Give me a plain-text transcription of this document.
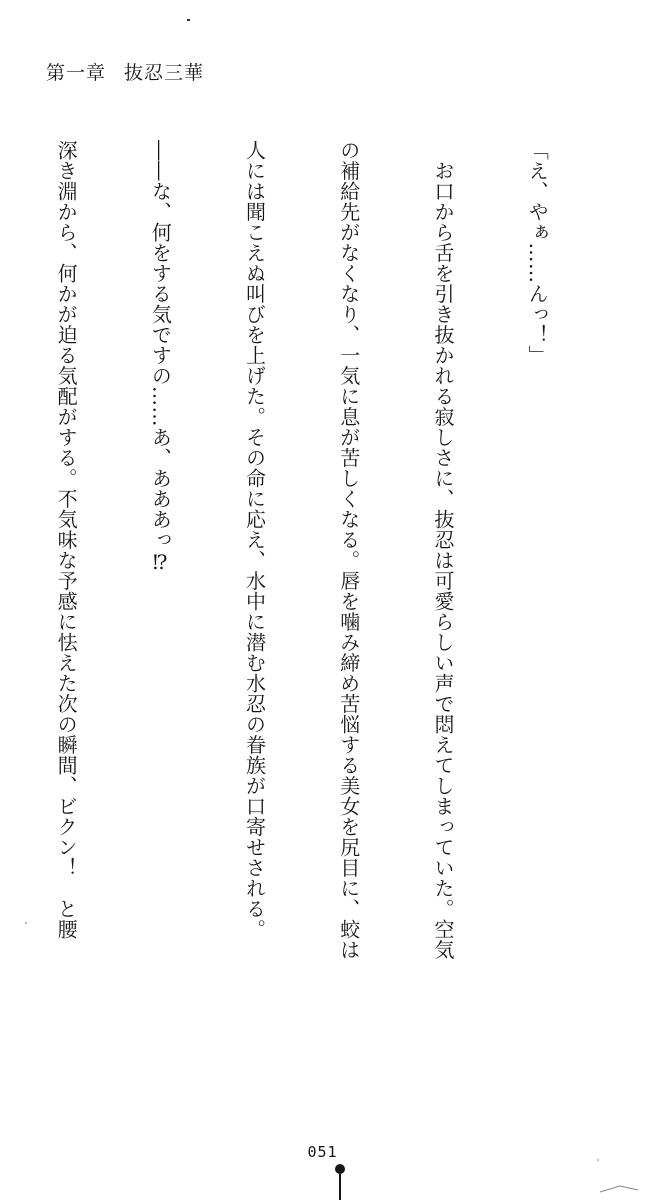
第一章 抜忍三華

「え、やぁ……んっ！」

　お口から舌を引き抜かれる寂しさに、抜忍は可愛らしい声で悶えてしまっていた。空気

の補給先がなくなり、一気に息が苦しくなる。唇を噛み締め苦悩する美女を尻目に、蛟は

人には聞こえぬ叫びを上げた。その命に応え、水中に潜む水忍の眷族が口寄せされる。

――な、何をする気ですの……あ、あああっ⁉

深き淵から、何かが迫る気配がする。不気味な予感に怯えた次の瞬間、ビクン！　と腰

051
